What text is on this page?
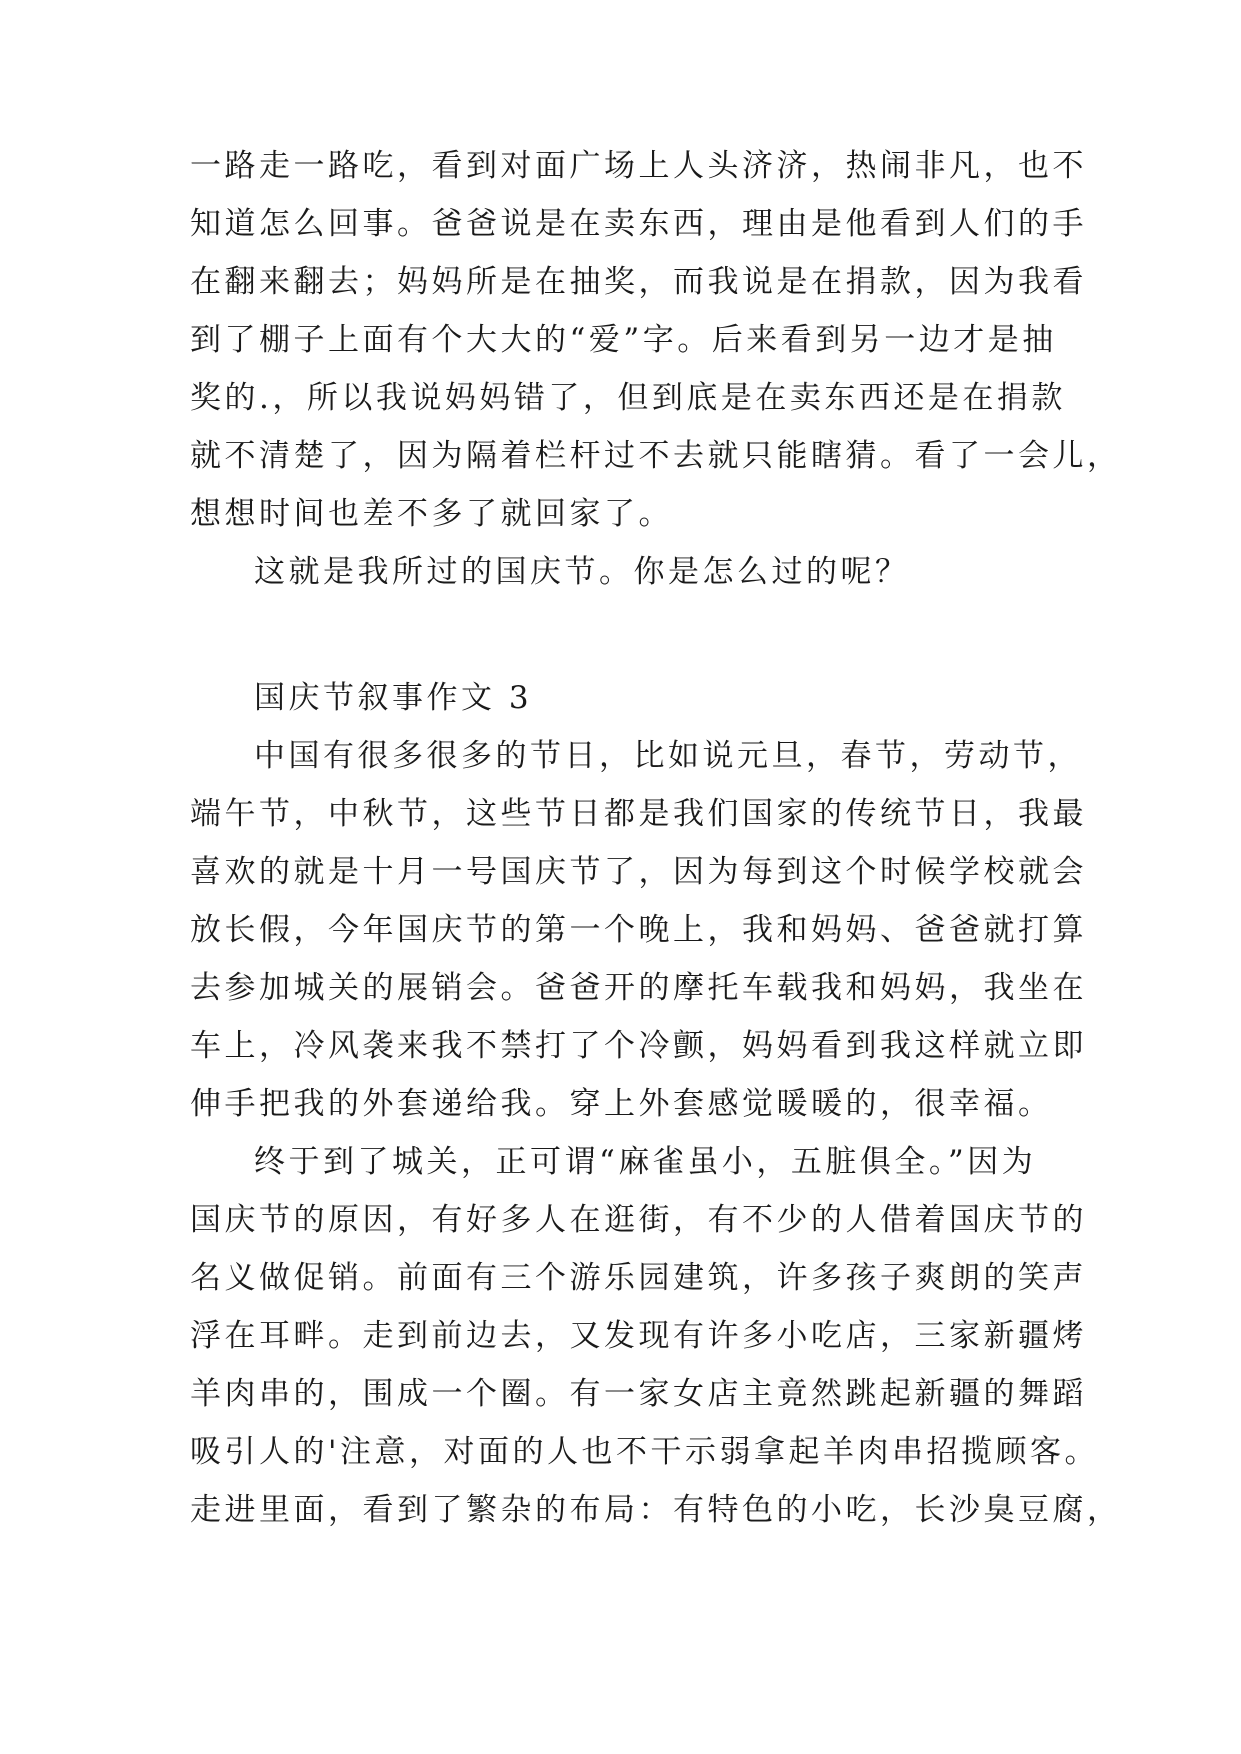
一路走一路吃，看到对面广场上人头济济，热闹非凡，也不

知道怎么回事。爸爸说是在卖东西，理由是他看到人们的手

在翻来翻去；妈妈所是在抽奖，而我说是在捐款，因为我看

到了棚子上面有个大大的“爱”字。后来看到另一边才是抽

奖的.，所以我说妈妈错了，但到底是在卖东西还是在捐款

就不清楚了，因为隔着栏杆过不去就只能瞎猜。看了一会儿，

想想时间也差不多了就回家了。

这就是我所过的国庆节。你是怎么过的呢？

国庆节叙事作文 3

中国有很多很多的节日，比如说元旦，春节，劳动节，

端午节，中秋节，这些节日都是我们国家的传统节日，我最

喜欢的就是十月一号国庆节了，因为每到这个时候学校就会

放长假，今年国庆节的第一个晚上，我和妈妈、爸爸就打算

去参加城关的展销会。爸爸开的摩托车载我和妈妈，我坐在

车上，冷风袭来我不禁打了个冷颤，妈妈看到我这样就立即

伸手把我的外套递给我。穿上外套感觉暖暖的，很幸福。

终于到了城关，正可谓“麻雀虽小，五脏俱全。”因为

国庆节的原因，有好多人在逛街，有不少的人借着国庆节的

名义做促销。前面有三个游乐园建筑，许多孩子爽朗的笑声

浮在耳畔。走到前边去，又发现有许多小吃店，三家新疆烤

羊肉串的，围成一个圈。有一家女店主竟然跳起新疆的舞蹈

吸引人的'注意，对面的人也不干示弱拿起羊肉串招揽顾客。

走进里面，看到了繁杂的布局：有特色的小吃，长沙臭豆腐，
